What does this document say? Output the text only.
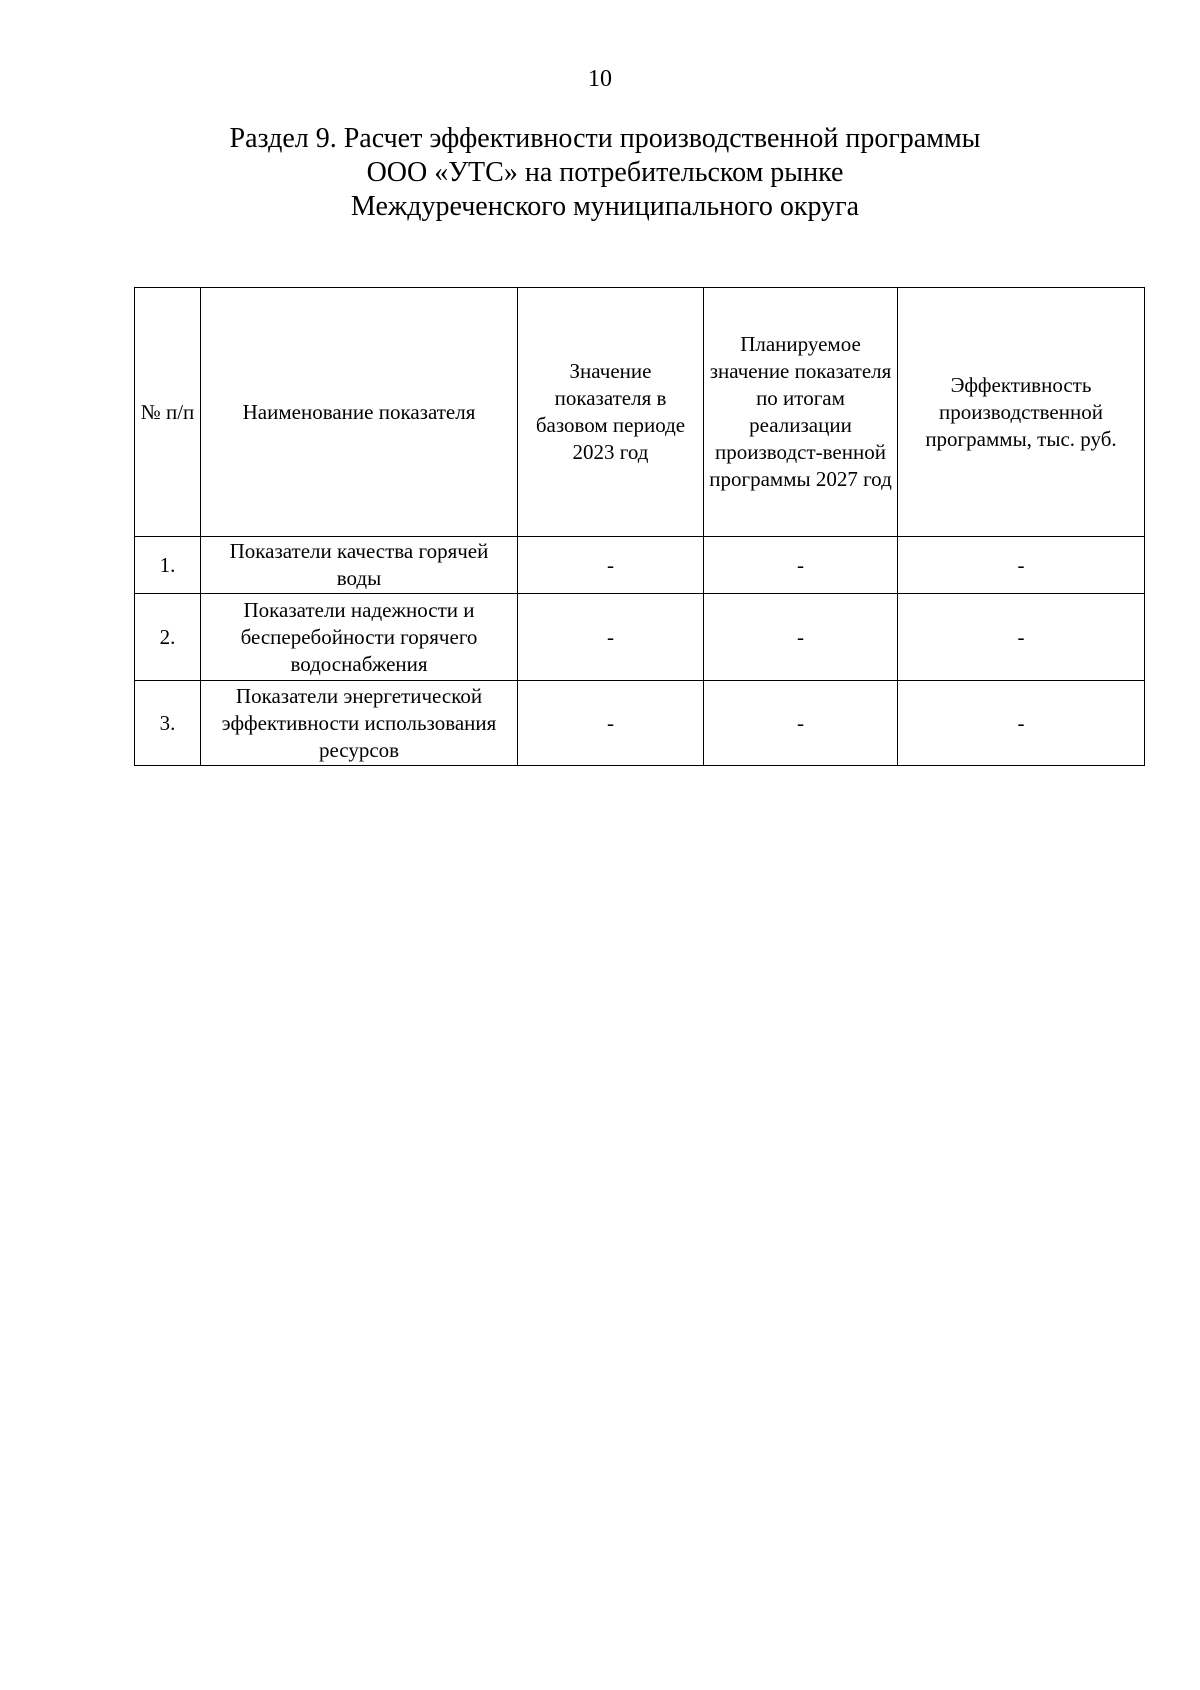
10
Раздел 9. Расчет эффективности производственной программы
ООО «УТС» на потребительском рынке
Междуреченского муниципального округа
№ п/п	Наименование показателя	Значение показателя в базовом периоде 2023 год	Планируемое значение показателя по итогам реализации производст-венной программы 2027 год	Эффективность производственной программы, тыс. руб.
1.	Показатели качества горячей воды	-	-	-
2.	Показатели надежности и бесперебойности горячего водоснабжения	-	-	-
3.	Показатели энергетической эффективности использования ресурсов	-	-	-
